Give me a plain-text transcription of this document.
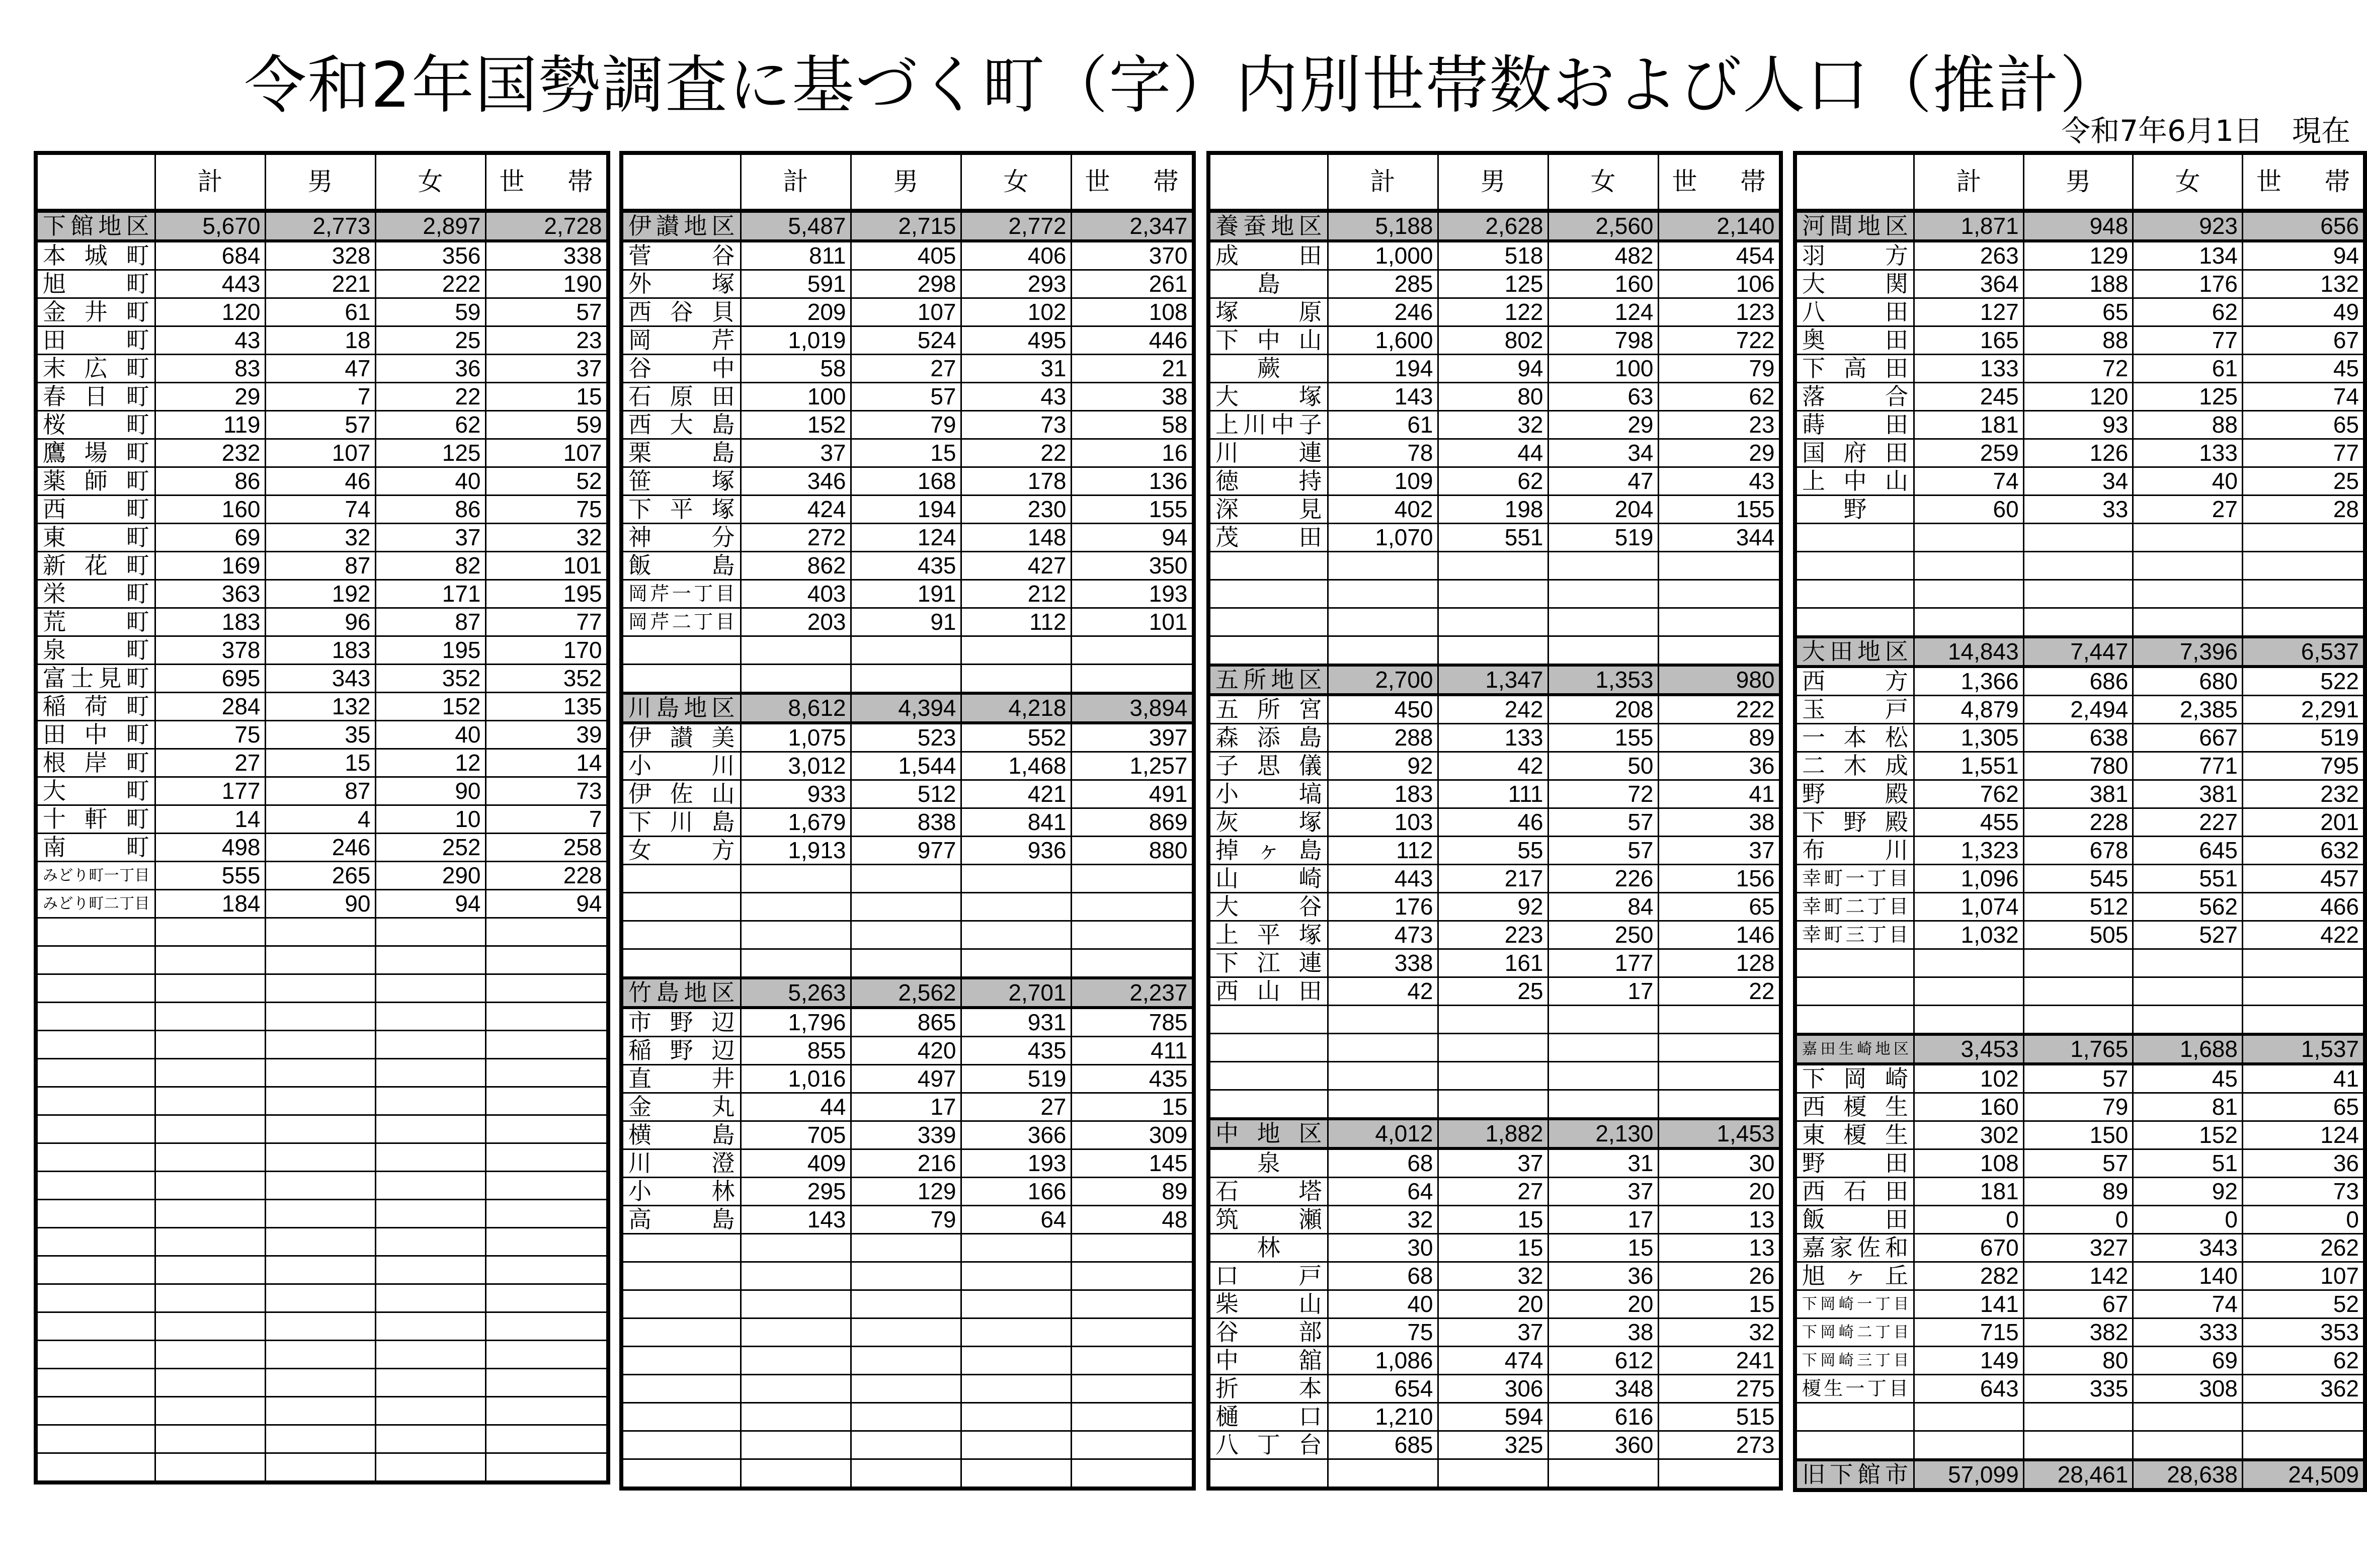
令和2年国勢調査に基づく町（字）内別世帯数および人口（推計）
令和7年6月1日　現在
	計	男	女	世　帯
下館地区	5,670	2,773	2,897	2,728
本 城 町	684	328	356	338
旭　町	443	221	222	190
金 井 町	120	61	59	57
田　町	43	18	25	23
末 広 町	83	47	36	37
春 日 町	29	7	22	15
桜　町	119	57	62	59
鷹 場 町	232	107	125	107
薬 師 町	86	46	40	52
西　町	160	74	86	75
東　町	69	32	37	32
新 花 町	169	87	82	101
栄　町	363	192	171	195
荒　町	183	96	87	77
泉　町	378	183	195	170
富士見町	695	343	352	352
稲 荷 町	284	132	152	135
田 中 町	75	35	40	39
根 岸 町	27	15	12	14
大　町	177	87	90	73
十 軒 町	14	4	10	7
南　町	498	246	252	258
みどり町一丁目	555	265	290	228
みどり町二丁目	184	90	94	94

	計	男	女	世　帯
伊讃地区	5,487	2,715	2,772	2,347
菅　谷	811	405	406	370
外　塚	591	298	293	261
西 谷 貝	209	107	102	108
岡　芹	1,019	524	495	446
谷　中	58	27	31	21
石 原 田	100	57	43	38
西 大 島	152	79	73	58
栗　島	37	15	22	16
笹　塚	346	168	178	136
下 平 塚	424	194	230	155
神　分	272	124	148	94
飯　島	862	435	427	350
岡芹一丁目	403	191	212	193
岡芹二丁目	203	91	112	101

川島地区	8,612	4,394	4,218	3,894
伊 讃 美	1,075	523	552	397
小　川	3,012	1,544	1,468	1,257
伊 佐 山	933	512	421	491
下 川 島	1,679	838	841	869
女　方	1,913	977	936	880

竹島地区	5,263	2,562	2,701	2,237
市 野 辺	1,796	865	931	785
稲 野 辺	855	420	435	411
直　井	1,016	497	519	435
金　丸	44	17	27	15
横　島	705	339	366	309
川　澄	409	216	193	145
小　林	295	129	166	89
高　島	143	79	64	48

	計	男	女	世　帯
養蚕地区	5,188	2,628	2,560	2,140
成　田	1,000	518	482	454
島	285	125	160	106
塚　原	246	122	124	123
下 中 山	1,600	802	798	722
蕨	194	94	100	79
大　塚	143	80	63	62
上川中子	61	32	29	23
川　連	78	44	34	29
徳　持	109	62	47	43
深　見	402	198	204	155
茂　田	1,070	551	519	344

五所地区	2,700	1,347	1,353	980
五 所 宮	450	242	208	222
森 添 島	288	133	155	89
子 思 儀	92	42	50	36
小　塙	183	111	72	41
灰　塚	103	46	57	38
掉 ヶ 島	112	55	57	37
山　崎	443	217	226	156
大　谷	176	92	84	65
上 平 塚	473	223	250	146
下 江 連	338	161	177	128
西 山 田	42	25	17	22

中 地 区	4,012	1,882	2,130	1,453
泉	68	37	31	30
石　塔	64	27	37	20
筑　瀬	32	15	17	13
林	30	15	15	13
口　戸	68	32	36	26
柴　山	40	20	20	15
谷　部	75	37	38	32
中　舘	1,086	474	612	241
折　本	654	306	348	275
樋　口	1,210	594	616	515
八 丁 台	685	325	360	273

	計	男	女	世　帯
河間地区	1,871	948	923	656
羽　方	263	129	134	94
大　関	364	188	176	132
八　田	127	65	62	49
奥　田	165	88	77	67
下 高 田	133	72	61	45
落　合	245	120	125	74
蒔　田	181	93	88	65
国 府 田	259	126	133	77
上 中 山	74	34	40	25
野	60	33	27	28

大田地区	14,843	7,447	7,396	6,537
西　方	1,366	686	680	522
玉　戸	4,879	2,494	2,385	2,291
一 本 松	1,305	638	667	519
二 木 成	1,551	780	771	795
野　殿	762	381	381	232
下 野 殿	455	228	227	201
布　川	1,323	678	645	632
幸町一丁目	1,096	545	551	457
幸町二丁目	1,074	512	562	466
幸町三丁目	1,032	505	527	422

嘉田生崎地区	3,453	1,765	1,688	1,537
下 岡 崎	102	57	45	41
西 榎 生	160	79	81	65
東 榎 生	302	150	152	124
野　田	108	57	51	36
西 石 田	181	89	92	73
飯　田	0	0	0	0
嘉家佐和	670	327	343	262
旭 ヶ 丘	282	142	140	107
下岡崎一丁目	141	67	74	52
下岡崎二丁目	715	382	333	353
下岡崎三丁目	149	80	69	62
榎生一丁目	643	335	308	362

旧下館市	57,099	28,461	28,638	24,509
